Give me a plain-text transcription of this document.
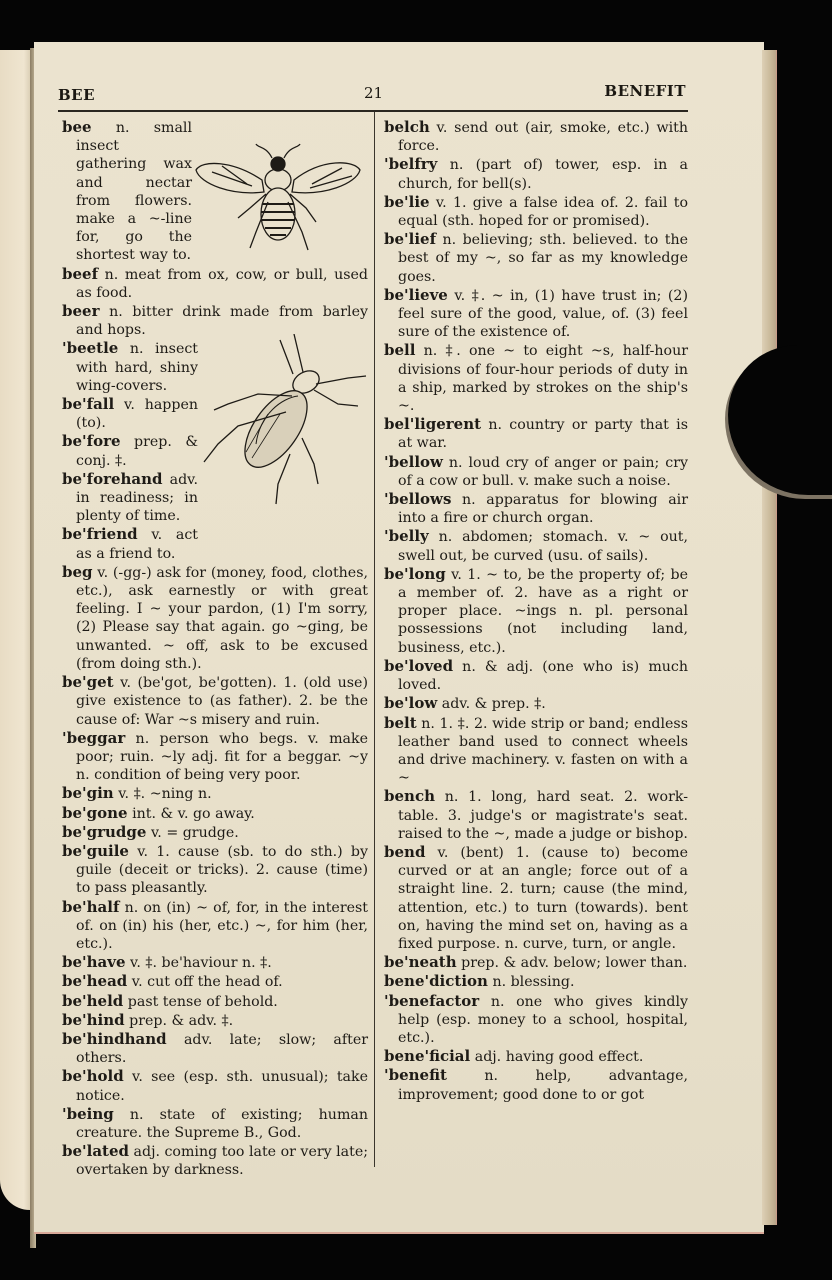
BEE	21	BENEFIT

bee n. small insect gathering wax and nectar from flowers. make a ~-line for, go the shortest way to.

beef n. meat from ox, cow, or bull, used as food.

beer n. bitter drink made from barley and hops.

'beetle n. insect with hard, shiny wing-covers.

be'fall v. happen (to).

be'fore prep. & conj. ‡.

be'forehand adv. in readiness; in plenty of time.

be'friend v. act as a friend to.

beg v. (-gg-) ask for (money, food, clothes, etc.), ask earnestly or with great feeling. I ~ your pardon, (1) I'm sorry, (2) Please say that again. go ~ging, be unwanted. ~ off, ask to be excused (from doing sth.).

be'get v. (be'got, be'gotten). 1. (old use) give existence to (as father). 2. be the cause of: War ~s misery and ruin.

'beggar n. person who begs. v. make poor; ruin. ~ly adj. fit for a beggar. ~y n. condition of being very poor.

be'gin v. ‡. ~ning n.

be'gone int. & v. go away.

be'grudge v. = grudge.

be'guile v. 1. cause (sb. to do sth.) by guile (deceit or tricks). 2. cause (time) to pass pleasantly.

be'half n. on (in) ~ of, for, in the interest of. on (in) his (her, etc.) ~, for him (her, etc.).

be'have v. ‡. be'haviour n. ‡.

be'head v. cut off the head of.

be'held past tense of behold.

be'hind prep. & adv. ‡.

be'hindhand adv. late; slow; after others.

be'hold v. see (esp. sth. unusual); take notice.

'being n. state of existing; human creature. the Supreme B., God.

be'lated adj. coming too late or very late; overtaken by darkness.

belch v. send out (air, smoke, etc.) with force.

'belfry n. (part of) tower, esp. in a church, for bell(s).

be'lie v. 1. give a false idea of. 2. fail to equal (sth. hoped for or promised).

be'lief n. believing; sth. believed. to the best of my ~, so far as my knowledge goes.

be'lieve v. ‡. ~ in, (1) have trust in; (2) feel sure of the good, value, of. (3) feel sure of the existence of.

bell n. ‡. one ~ to eight ~s, half-hour divisions of four-hour periods of duty in a ship, marked by strokes on the ship's ~.

bel'ligerent n. country or party that is at war.

'bellow n. loud cry of anger or pain; cry of a cow or bull. v. make such a noise.

'bellows n. apparatus for blowing air into a fire or church organ.

'belly n. abdomen; stomach. v. ~ out, swell out, be curved (usu. of sails).

be'long v. 1. ~ to, be the property of; be a member of. 2. have as a right or proper place. ~ings n. pl. personal possessions (not including land, business, etc.).

be'loved n. & adj. (one who is) much loved.

be'low adv. & prep. ‡.

belt n. 1. ‡. 2. wide strip or band; endless leather band used to connect wheels and drive machinery. v. fasten on with a ~

bench n. 1. long, hard seat. 2. work-table. 3. judge's or magistrate's seat. raised to the ~, made a judge or bishop.

bend v. (bent) 1. (cause to) become curved or at an angle; force out of a straight line. 2. turn; cause (the mind, attention, etc.) to turn (towards). bent on, having the mind set on, having as a fixed purpose. n. curve, turn, or angle.

be'neath prep. & adv. below; lower than.

bene'diction n. blessing.

'benefactor n. one who gives kindly help (esp. money to a school, hospital, etc.).

bene'ficial adj. having good effect.

'benefit n. help, advantage, improvement; good done to or got
